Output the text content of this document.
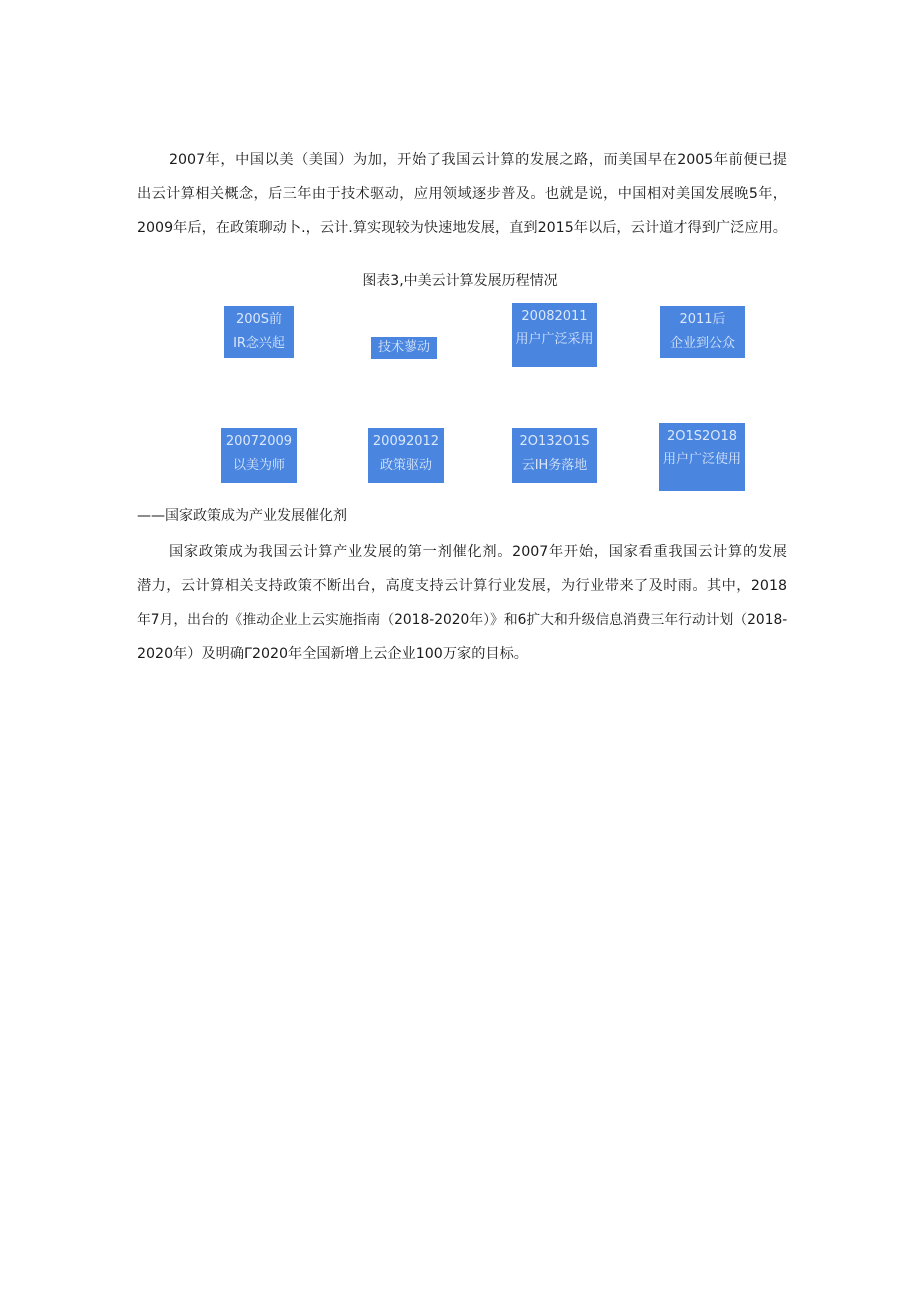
2007年，中国以美（美国）为加，开始了我国云计算的发展之路，而美国早在2005年前便已提
出云计算相关概念，后三年由于技术驱动，应用领域逐步普及。也就是说，中国相对美国发展晚5年，
2009年后，在政策聊动卜.，云计.算实现较为快速地发展，直到2015年以后，云计道才得到广泛应用。

图表3,中美云计算发展历程情况
200S前
IR念兴起	技术蓼动
20082011
用户广泛采用
2011后
企业到公众
20072009
以美为师
20092012
政策驱动
2O132O1S
云IH务落地
2O1S2O18
用户广泛使用
——国家政策成为产业发展催化剂

国家政策成为我国云计算产业发展的第一剂催化剂。2007年开始，国家看重我国云计算的发展
潜力，云计算相关支持政策不断出台，高度支持云计算行业发展，为行业带来了及时雨。其中，2018
年7月，出台的《推动企业上云实施指南（2018-2020年）》和6扩大和升级信息消费三年行动计划（2018-
2020年）及明确Γ2020年全国新增上云企业100万家的目标。
